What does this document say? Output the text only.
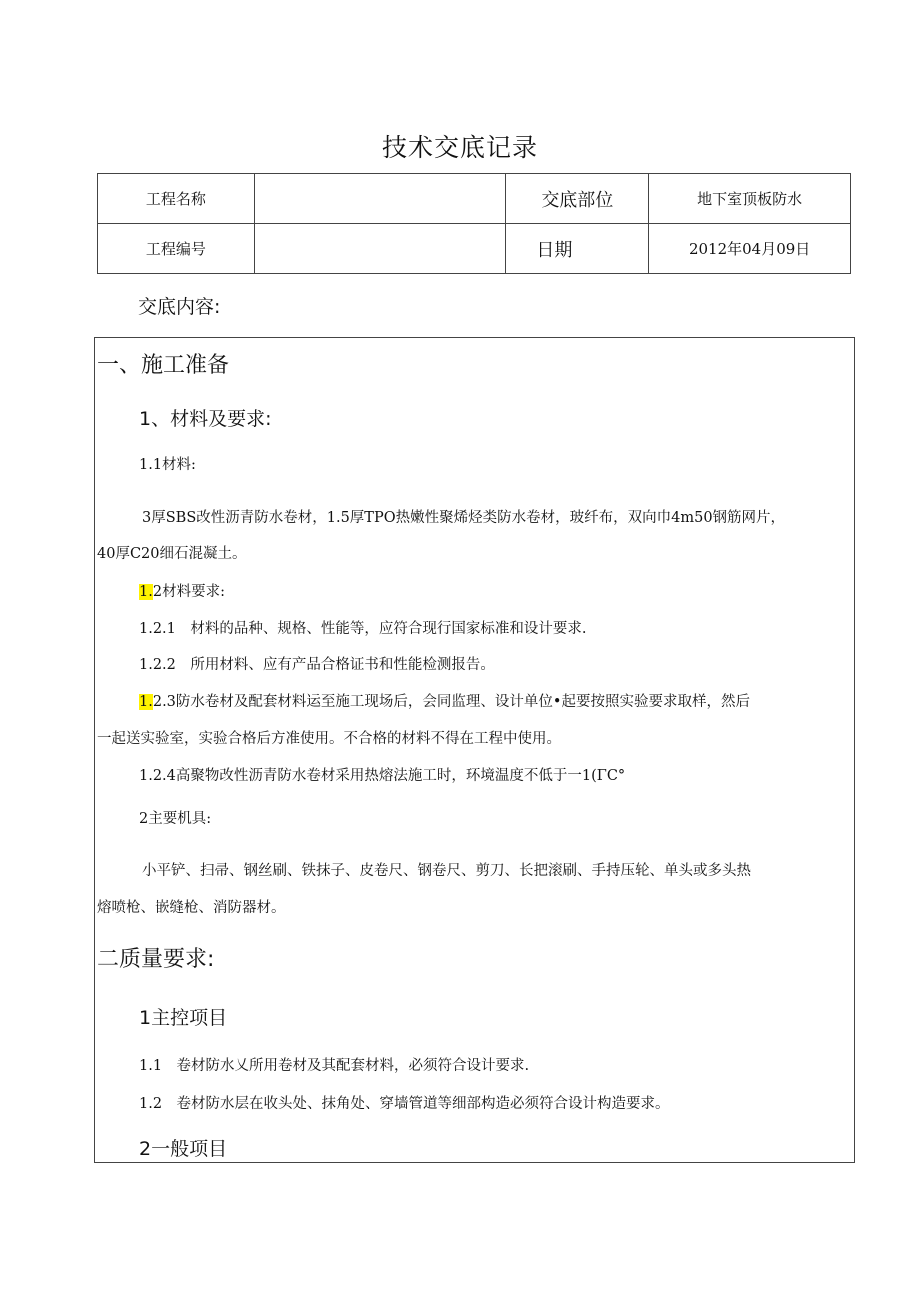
技术交底记录
工程名称		交底部位	地下室顶板防水
工程编号		日期	2012年04月09日
交底内容:
一、施工准备
1、材料及要求:
1.1材料:
3厚SBS改性沥青防水卷材，1.5厚TPO热嫩性聚烯烃类防水卷材，玻纤布，双向巾4m50钢筋网片，
40厚C20细石混凝土。
1.2材料要求:
1.2.1　材料的品种、规格、性能等，应符合现行国家标准和设计要求.
1.2.2　所用材料、应有产品合格证书和性能检测报告。
1.2.3防水卷材及配套材料运至施工现场后，会同监理、设计单位•起要按照实验要求取样，然后
一起送实验室，实验合格后方准使用。不合格的材料不得在工程中使用。
1.2.4高聚物改性沥青防水卷材采用热熔法施工时，环境温度不低于一1(ΓC°
2主要机具:
小平铲、扫帚、钢丝刷、铁抹子、皮卷尺、钢卷尺、剪刀、长把滚刷、手持压轮、单头或多头热
熔喷枪、嵌缝枪、消防器材。
二质量要求:
1主控项目
1.1　卷材防水乂所用卷材及其配套材料，必须符合设计要求.
1.2　卷材防水层在收头处、抹角处、穿墙管道等细部构造必须符合设计构造要求。
2一般项目
